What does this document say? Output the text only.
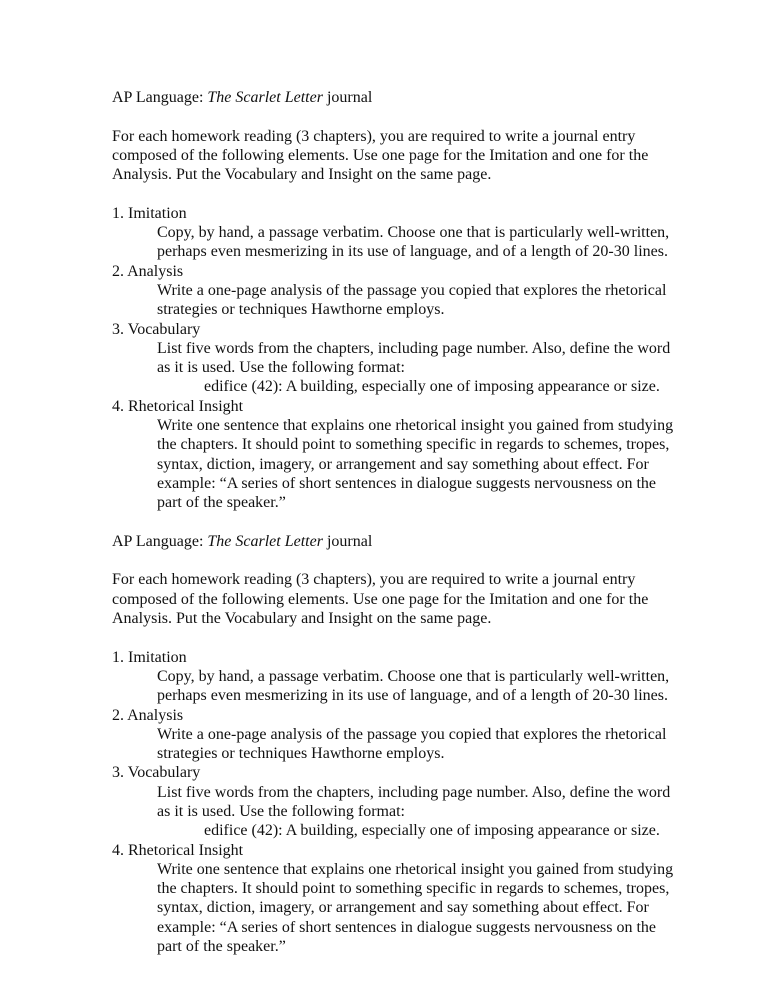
AP Language: The Scarlet Letter journal
For each homework reading (3 chapters), you are required to write a journal entry
composed of the following elements. Use one page for the Imitation and one for the
Analysis. Put the Vocabulary and Insight on the same page.
1. Imitation
Copy, by hand, a passage verbatim. Choose one that is particularly well-written,
perhaps even mesmerizing in its use of language, and of a length of 20-30 lines.
2. Analysis
Write a one-page analysis of the passage you copied that explores the rhetorical
strategies or techniques Hawthorne employs.
3. Vocabulary
List five words from the chapters, including page number. Also, define the word
as it is used. Use the following format:
edifice (42): A building, especially one of imposing appearance or size.
4. Rhetorical Insight
Write one sentence that explains one rhetorical insight you gained from studying
the chapters. It should point to something specific in regards to schemes, tropes,
syntax, diction, imagery, or arrangement and say something about effect. For
example: “A series of short sentences in dialogue suggests nervousness on the
part of the speaker.”
AP Language: The Scarlet Letter journal
For each homework reading (3 chapters), you are required to write a journal entry
composed of the following elements. Use one page for the Imitation and one for the
Analysis. Put the Vocabulary and Insight on the same page.
1. Imitation
Copy, by hand, a passage verbatim. Choose one that is particularly well-written,
perhaps even mesmerizing in its use of language, and of a length of 20-30 lines.
2. Analysis
Write a one-page analysis of the passage you copied that explores the rhetorical
strategies or techniques Hawthorne employs.
3. Vocabulary
List five words from the chapters, including page number. Also, define the word
as it is used. Use the following format:
edifice (42): A building, especially one of imposing appearance or size.
4. Rhetorical Insight
Write one sentence that explains one rhetorical insight you gained from studying
the chapters. It should point to something specific in regards to schemes, tropes,
syntax, diction, imagery, or arrangement and say something about effect. For
example: “A series of short sentences in dialogue suggests nervousness on the
part of the speaker.”
